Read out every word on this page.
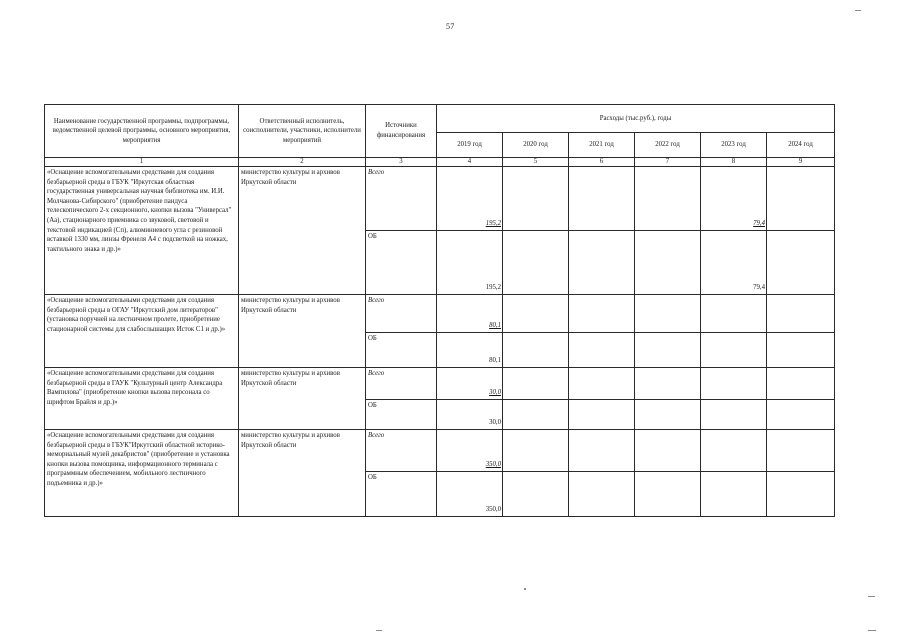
57
Наименование государственной программы, подпрограммы, ведомственной целевой программы, основного мероприятия, мероприятия	Ответственный исполнитель, соисполнители, участники, исполнители мероприятий	Источники финансирования	Расходы (тыс.руб.), годы					
			2019 год	2020 год	2021 год	2022 год	2023 год	2024 год
1	2	3	4	5	6	7	8	9
«Оснащение вспомогательными средствами для создания безбарьерной среды в ГБУК "Иркутская областная государственная универсальная научная библиотека им. И.И. Молчанова-Сибирского" (приобретение пандуса телескопического 2-х секционного, кнопки вызова "Универсал" (Аа), стационарного приемника со звуковой, световой и текстовой индикацией (Сп), алюминиевого угла с резиновой вставкой 1330 мм, линзы Френеля А4 с подсветкой на ножках, тактильного знака и др.)»	министерство культуры и архивов Иркутской области	Всего	195,2				79,4	
		ОБ	195,2				79,4	
«Оснащение вспомогательными средствами для создания безбарьерной среды в ОГАУ "Иркутский дом литераторов" (установка поручней на лестничном пролете, приобретение стационарной системы для слабослышащих Исток С1 и др.)»	министерство культуры и архивов Иркутской области	Всего	80,1					
		ОБ	80,1					
«Оснащение вспомогательными средствами для создания безбарьерной среды в ГАУК "Культурный центр Александра Вампилова" (приобретение кнопки вызова персонала со шрифтом Брайля и др.)»	министерство культуры и архивов Иркутской области	Всего	30,0					
		ОБ	30,0					
«Оснащение вспомогательными средствами для создания безбарьерной среды в ГБУК"Иркутский областной историко-мемориальный музей декабристов" (приобретение и установка кнопки вызова помощника, информационного терминала с программным обеспечением, мобильного лестничного подъемника и др.)»	министерство культуры и архивов Иркутской области	Всего	350,0					
		ОБ	350,0					
